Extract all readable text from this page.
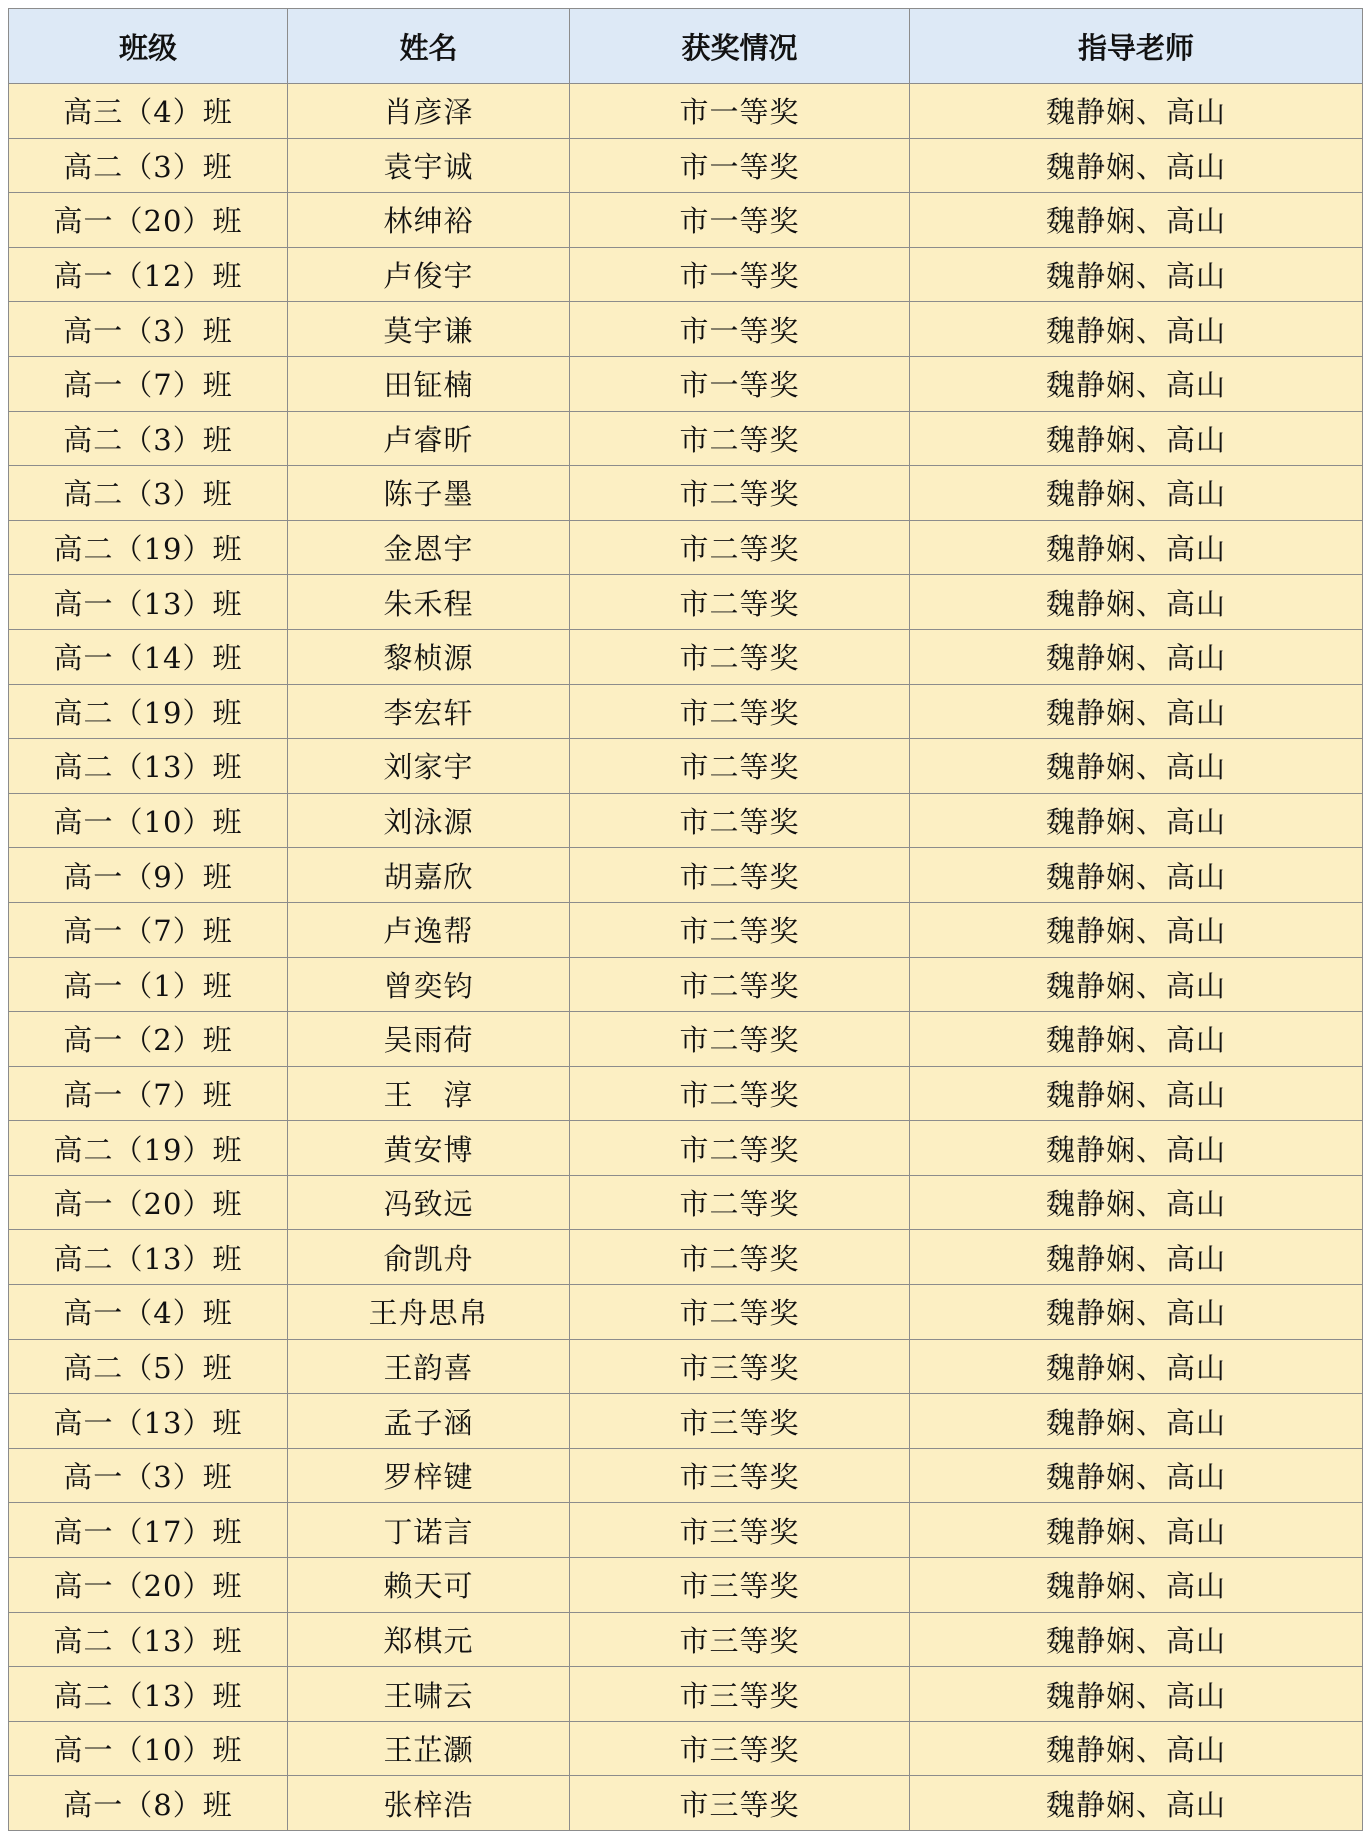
班级	姓名	获奖情况	指导老师
高三（4）班	肖彦泽	市一等奖	魏静娴、高山
高二（3）班	袁宇诚	市一等奖	魏静娴、高山
高一（20）班	林绅裕	市一等奖	魏静娴、高山
高一（12）班	卢俊宇	市一等奖	魏静娴、高山
高一（3）班	莫宇谦	市一等奖	魏静娴、高山
高一（7）班	田钲楠	市一等奖	魏静娴、高山
高二（3）班	卢睿昕	市二等奖	魏静娴、高山
高二（3）班	陈子墨	市二等奖	魏静娴、高山
高二（19）班	金恩宇	市二等奖	魏静娴、高山
高一（13）班	朱禾程	市二等奖	魏静娴、高山
高一（14）班	黎桢源	市二等奖	魏静娴、高山
高二（19）班	李宏轩	市二等奖	魏静娴、高山
高二（13）班	刘家宇	市二等奖	魏静娴、高山
高一（10）班	刘泳源	市二等奖	魏静娴、高山
高一（9）班	胡嘉欣	市二等奖	魏静娴、高山
高一（7）班	卢逸帮	市二等奖	魏静娴、高山
高一（1）班	曾奕钧	市二等奖	魏静娴、高山
高一（2）班	吴雨荷	市二等奖	魏静娴、高山
高一（7）班	王　淳	市二等奖	魏静娴、高山
高二（19）班	黄安博	市二等奖	魏静娴、高山
高一（20）班	冯致远	市二等奖	魏静娴、高山
高二（13）班	俞凯舟	市二等奖	魏静娴、高山
高一（4）班	王舟思帛	市二等奖	魏静娴、高山
高二（5）班	王韵喜	市三等奖	魏静娴、高山
高一（13）班	孟子涵	市三等奖	魏静娴、高山
高一（3）班	罗梓键	市三等奖	魏静娴、高山
高一（17）班	丁诺言	市三等奖	魏静娴、高山
高一（20）班	赖天可	市三等奖	魏静娴、高山
高二（13）班	郑棋元	市三等奖	魏静娴、高山
高二（13）班	王啸云	市三等奖	魏静娴、高山
高一（10）班	王芷灏	市三等奖	魏静娴、高山
高一（8）班	张梓浩	市三等奖	魏静娴、高山
